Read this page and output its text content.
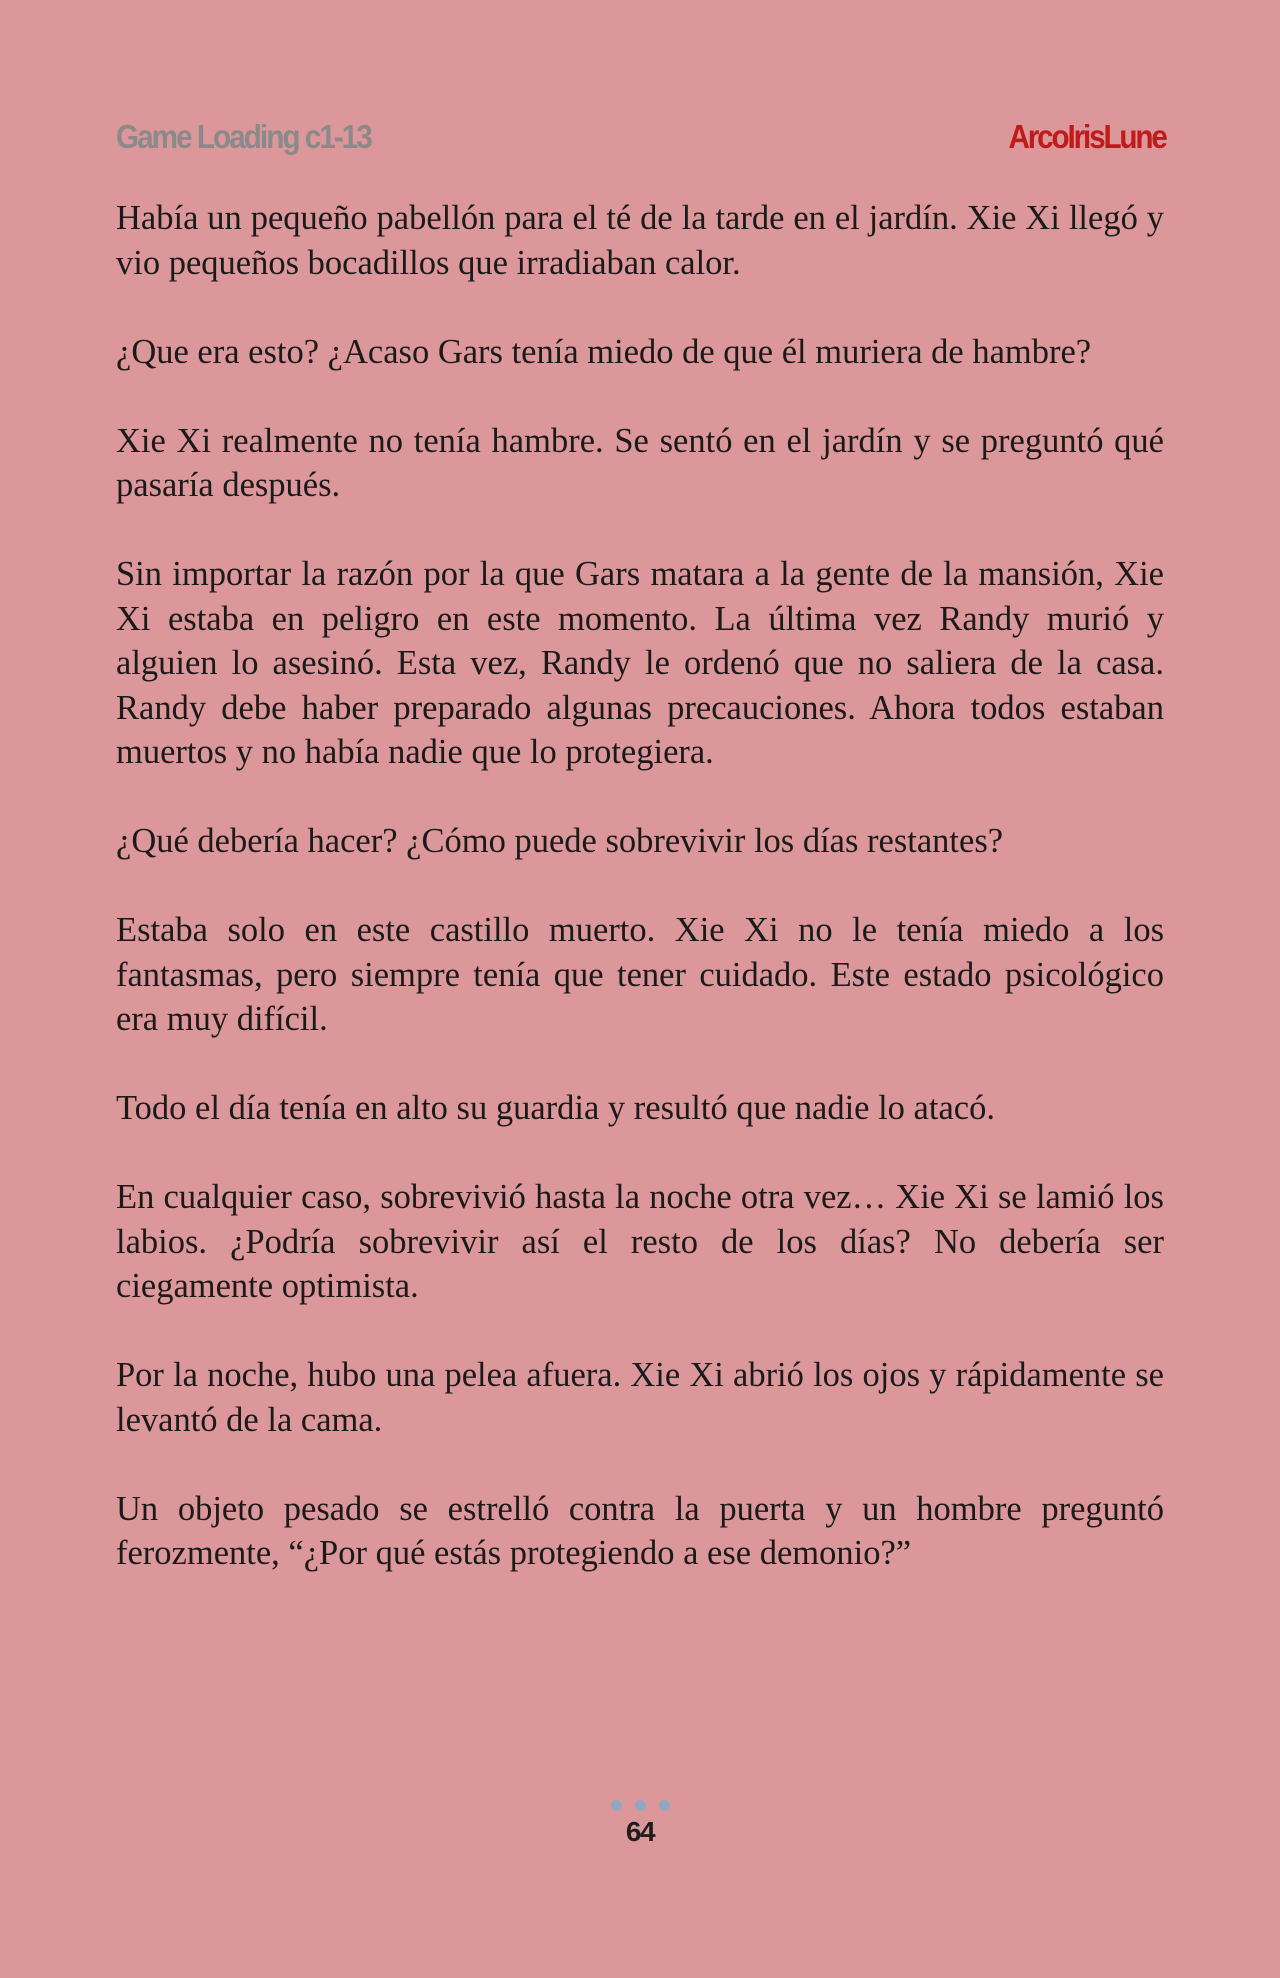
Game Loading c1-13	ArcoIrisLune

Había un pequeño pabellón para el té de la tarde en el jardín. Xie Xi llegó y vio pequeños bocadillos que irradiaban calor.

¿Que era esto? ¿Acaso Gars tenía miedo de que él muriera de hambre?

Xie Xi realmente no tenía hambre. Se sentó en el jardín y se preguntó qué pasaría después.

Sin importar la razón por la que Gars matara a la gente de la mansión, Xie Xi estaba en peligro en este momento. La última vez Randy murió y alguien lo asesinó. Esta vez, Randy le ordenó que no saliera de la casa. Randy debe haber preparado algunas precauciones. Ahora todos estaban muertos y no había nadie que lo protegiera.

¿Qué debería hacer? ¿Cómo puede sobrevivir los días restantes?

Estaba solo en este castillo muerto. Xie Xi no le tenía miedo a los fantasmas, pero siempre tenía que tener cuidado. Este estado psicológico era muy difícil.

Todo el día tenía en alto su guardia y resultó que nadie lo atacó.

En cualquier caso, sobrevivió hasta la noche otra vez… Xie Xi se lamió los labios. ¿Podría sobrevivir así el resto de los días? No debería ser ciegamente optimista.

Por la noche, hubo una pelea afuera. Xie Xi abrió los ojos y rápidamente se levantó de la cama.

Un objeto pesado se estrelló contra la puerta y un hombre preguntó ferozmente, “¿Por qué estás protegiendo a ese demonio?”

64
